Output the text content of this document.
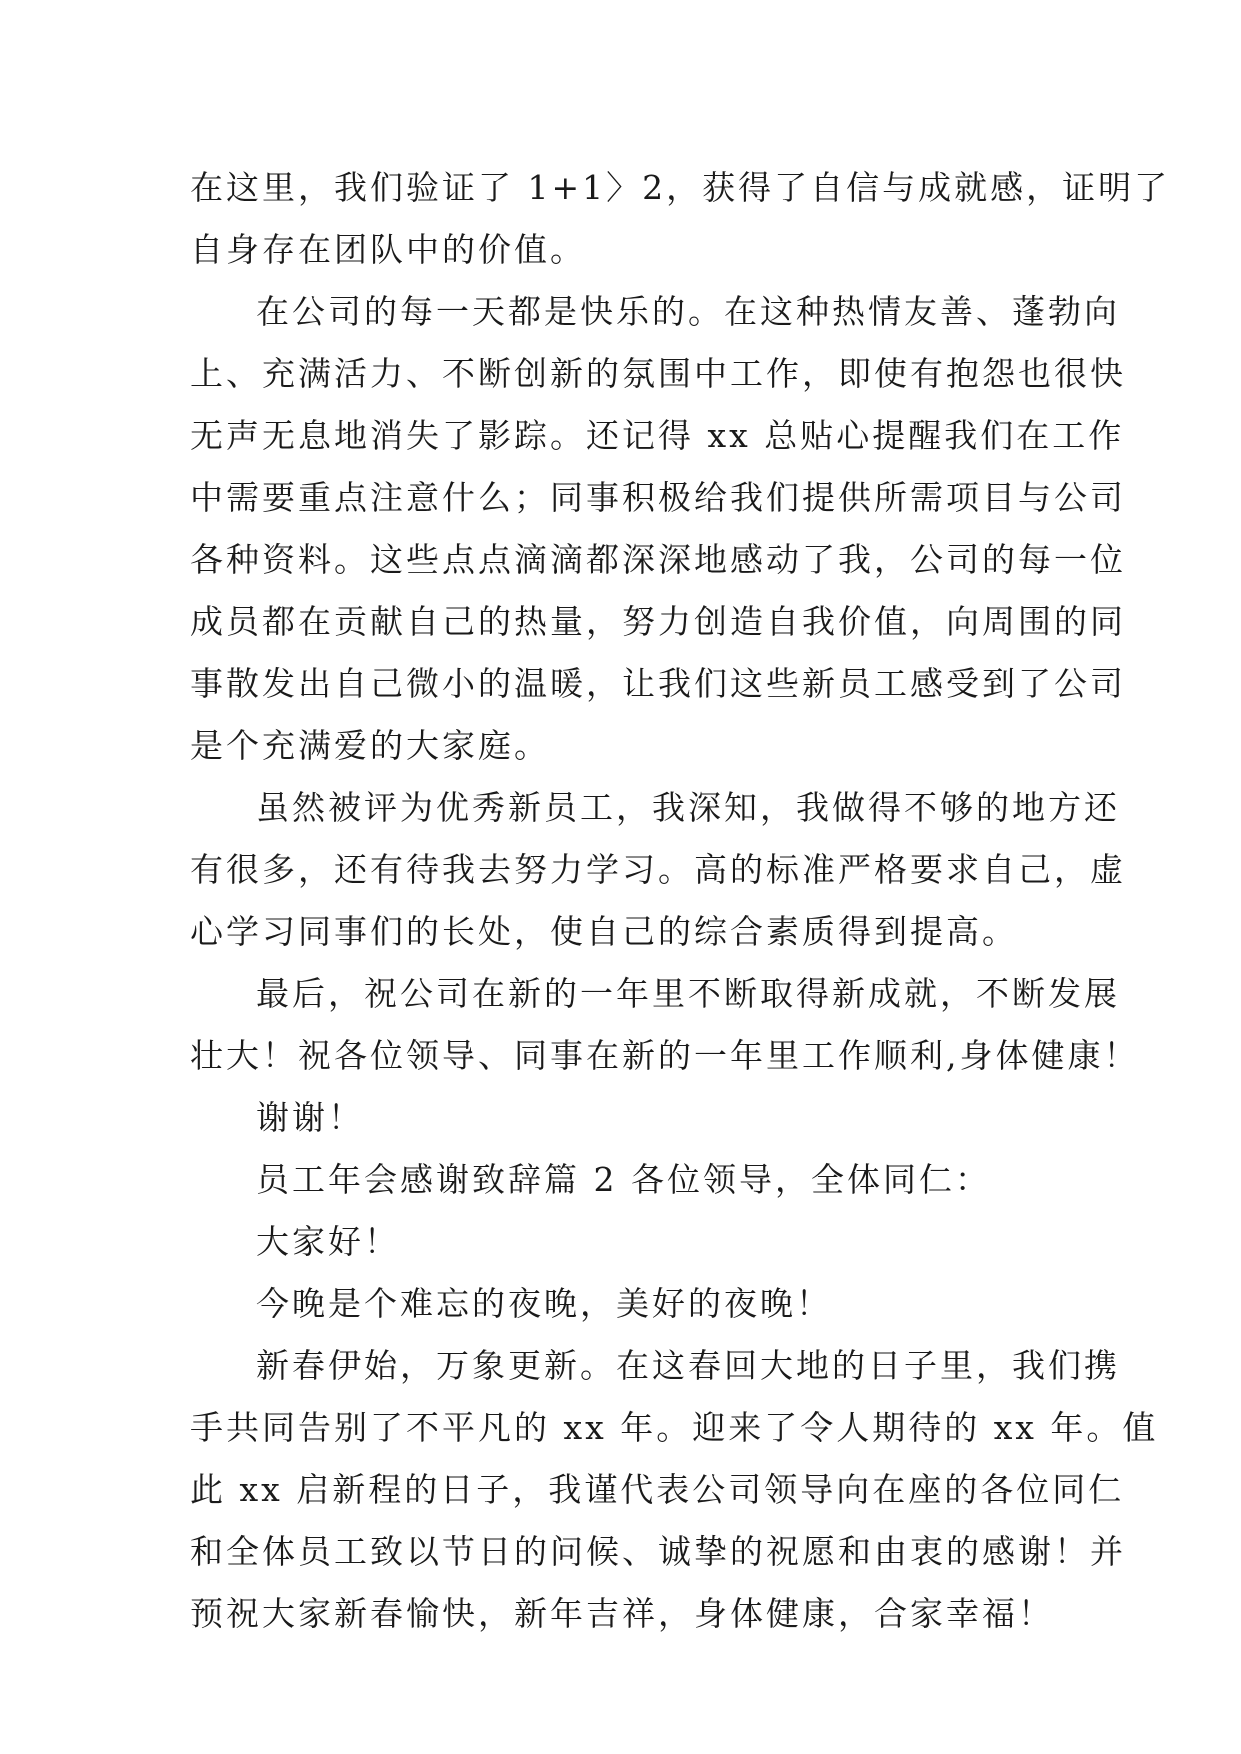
在这里，我们验证了 1+1〉2，获得了自信与成就感，证明了
自身存在团队中的价值。
在公司的每一天都是快乐的。在这种热情友善、蓬勃向
上、充满活力、不断创新的氛围中工作，即使有抱怨也很快
无声无息地消失了影踪。还记得 xx 总贴心提醒我们在工作
中需要重点注意什么；同事积极给我们提供所需项目与公司
各种资料。这些点点滴滴都深深地感动了我，公司的每一位
成员都在贡献自己的热量，努力创造自我价值，向周围的同
事散发出自己微小的温暖，让我们这些新员工感受到了公司
是个充满爱的大家庭。
虽然被评为优秀新员工，我深知，我做得不够的地方还
有很多，还有待我去努力学习。高的标准严格要求自己，虚
心学习同事们的长处，使自己的综合素质得到提高。
最后，祝公司在新的一年里不断取得新成就，不断发展
壮大！祝各位领导、同事在新的一年里工作顺利,身体健康！
谢谢！
员工年会感谢致辞篇 2 各位领导，全体同仁：
大家好！
今晚是个难忘的夜晚，美好的夜晚！
新春伊始，万象更新。在这春回大地的日子里，我们携
手共同告别了不平凡的 xx 年。迎来了令人期待的 xx 年。值
此 xx 启新程的日子，我谨代表公司领导向在座的各位同仁
和全体员工致以节日的问候、诚挚的祝愿和由衷的感谢！并
预祝大家新春愉快，新年吉祥，身体健康，合家幸福！
